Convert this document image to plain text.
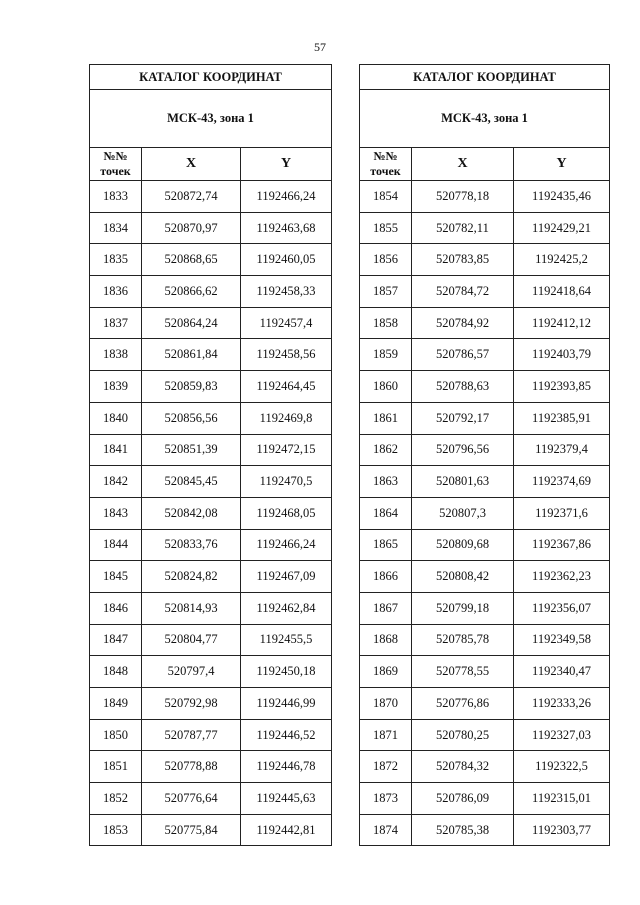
57
КАТАЛОГ КООРДИНАТ		
МСК-43, зона 1		
№№ точек	X	Y
1833	520872,74	1192466,24
1834	520870,97	1192463,68
1835	520868,65	1192460,05
1836	520866,62	1192458,33
1837	520864,24	1192457,4
1838	520861,84	1192458,56
1839	520859,83	1192464,45
1840	520856,56	1192469,8
1841	520851,39	1192472,15
1842	520845,45	1192470,5
1843	520842,08	1192468,05
1844	520833,76	1192466,24
1845	520824,82	1192467,09
1846	520814,93	1192462,84
1847	520804,77	1192455,5
1848	520797,4	1192450,18
1849	520792,98	1192446,99
1850	520787,77	1192446,52
1851	520778,88	1192446,78
1852	520776,64	1192445,63
1853	520775,84	1192442,81
КАТАЛОГ КООРДИНАТ		
МСК-43, зона 1		
№№ точек	X	Y
1854	520778,18	1192435,46
1855	520782,11	1192429,21
1856	520783,85	1192425,2
1857	520784,72	1192418,64
1858	520784,92	1192412,12
1859	520786,57	1192403,79
1860	520788,63	1192393,85
1861	520792,17	1192385,91
1862	520796,56	1192379,4
1863	520801,63	1192374,69
1864	520807,3	1192371,6
1865	520809,68	1192367,86
1866	520808,42	1192362,23
1867	520799,18	1192356,07
1868	520785,78	1192349,58
1869	520778,55	1192340,47
1870	520776,86	1192333,26
1871	520780,25	1192327,03
1872	520784,32	1192322,5
1873	520786,09	1192315,01
1874	520785,38	1192303,77
